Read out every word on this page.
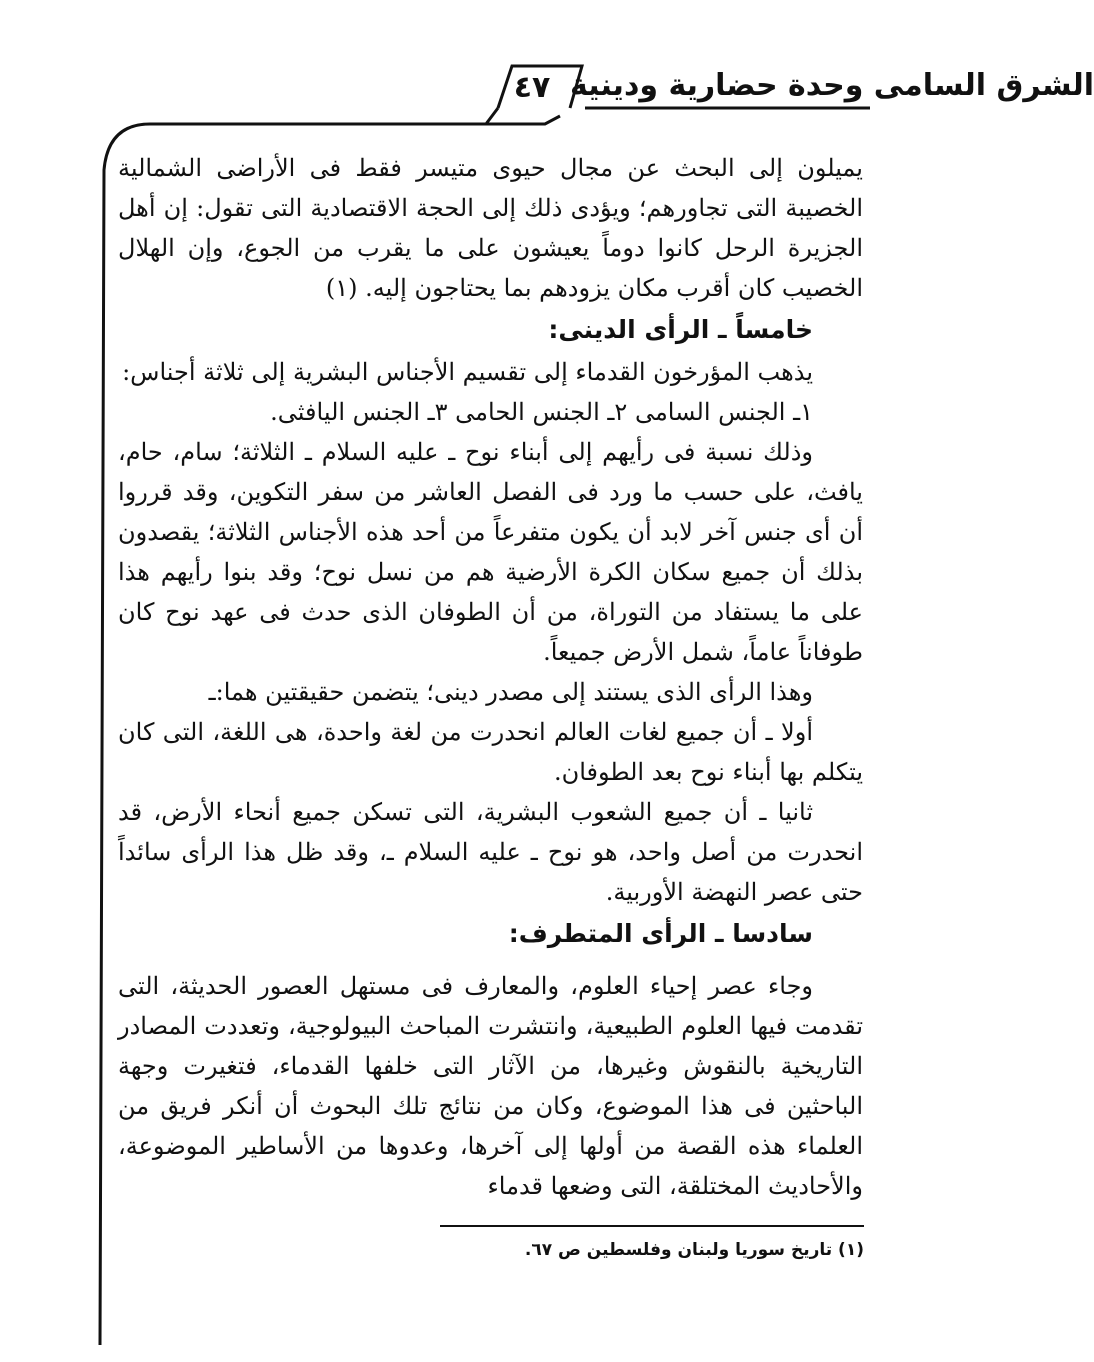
الشرق السامى وحدة حضارية ودينية
٤٧

يميلون إلى البحث عن مجال حيوى متيسر فقط فى الأراضى الشمالية الخصيبة التى تجاورهم؛ ويؤدى ذلك إلى الحجة الاقتصادية التى تقول: إن أهل الجزيرة الرحل كانوا دوماً يعيشون على ما يقرب من الجوع، وإن الهلال الخصيب كان أقرب مكان يزودهم بما يحتاجون إليه. (١)

خامساً ـ الرأى الدينى:

يذهب المؤرخون القدماء إلى تقسيم الأجناس البشرية إلى ثلاثة أجناس:

١ـ الجنس السامى ٢ـ الجنس الحامى ٣ـ الجنس اليافثى.

وذلك نسبة فى رأيهم إلى أبناء نوح ـ عليه السلام ـ الثلاثة؛ سام، حام، يافث، على حسب ما ورد فى الفصل العاشر من سفر التكوين، وقد قرروا أن أى جنس آخر لابد أن يكون متفرعاً من أحد هذه الأجناس الثلاثة؛ يقصدون بذلك أن جميع سكان الكرة الأرضية هم من نسل نوح؛ وقد بنوا رأيهم هذا على ما يستفاد من التوراة، من أن الطوفان الذى حدث فى عهد نوح كان طوفاناً عاماً، شمل الأرض جميعاً.

وهذا الرأى الذى يستند إلى مصدر دينى؛ يتضمن حقيقتين هما:ـ

أولا ـ أن جميع لغات العالم انحدرت من لغة واحدة، هى اللغة، التى كان يتكلم بها أبناء نوح بعد الطوفان.

ثانيا ـ أن جميع الشعوب البشرية، التى تسكن جميع أنحاء الأرض، قد انحدرت من أصل واحد، هو نوح ـ عليه السلام ـ، وقد ظل هذا الرأى سائداً حتى عصر النهضة الأوربية.

سادسا ـ الرأى المتطرف:

وجاء عصر إحياء العلوم، والمعارف فى مستهل العصور الحديثة، التى تقدمت فيها العلوم الطبيعية، وانتشرت المباحث البيولوجية، وتعددت المصادر التاريخية بالنقوش وغيرها، من الآثار التى خلفها القدماء، فتغيرت وجهة الباحثين فى هذا الموضوع، وكان من نتائج تلك البحوث أن أنكر فريق من العلماء هذه القصة من أولها إلى آخرها، وعدوها من الأساطير الموضوعة، والأحاديث المختلقة، التى وضعها قدماء

(١) تاريخ سوريا ولبنان وفلسطين ص ٦٧.
